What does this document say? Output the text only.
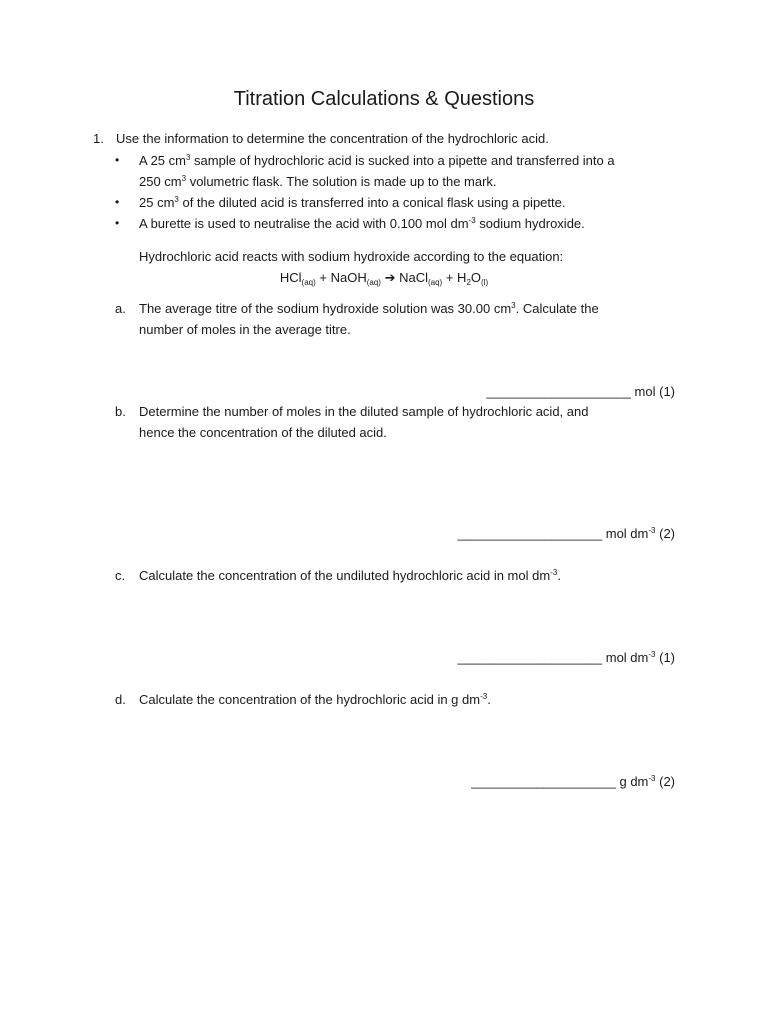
Titration Calculations & Questions
1. Use the information to determine the concentration of the hydrochloric acid.
• A 25 $cm^3$ sample of hydrochloric acid is sucked into a pipette and transferred into a
250 $cm^3$ volumetric flask. The solution is made up to the mark.
• 25 $cm^3$ of the diluted acid is transferred into a conical flask using a pipette.
• A burette is used to neutralise the acid with 0.100 mol $dm^{-3}$ sodium hydroxide.
Hydrochloric acid reacts with sodium hydroxide according to the equation:
HCl$_{(aq)}$ + NaOH$_{(aq)}$ ➔ NaCl$_{(aq)}$ + $H_2O_{(l)}$
a. The average titre of the sodium hydroxide solution was 30.00 $cm^3$. Calculate the
number of moles in the average titre.
____________________ mol (1)
b. Determine the number of moles in the diluted sample of hydrochloric acid, and
hence the concentration of the diluted acid.
____________________ mol $dm^{-3}$ (2)
c. Calculate the concentration of the undiluted hydrochloric acid in mol $dm^{-3}$.
____________________ mol $dm^{-3}$ (1)
d. Calculate the concentration of the hydrochloric acid in g $dm^{-3}$.
____________________ g $dm^{-3}$ (2)
